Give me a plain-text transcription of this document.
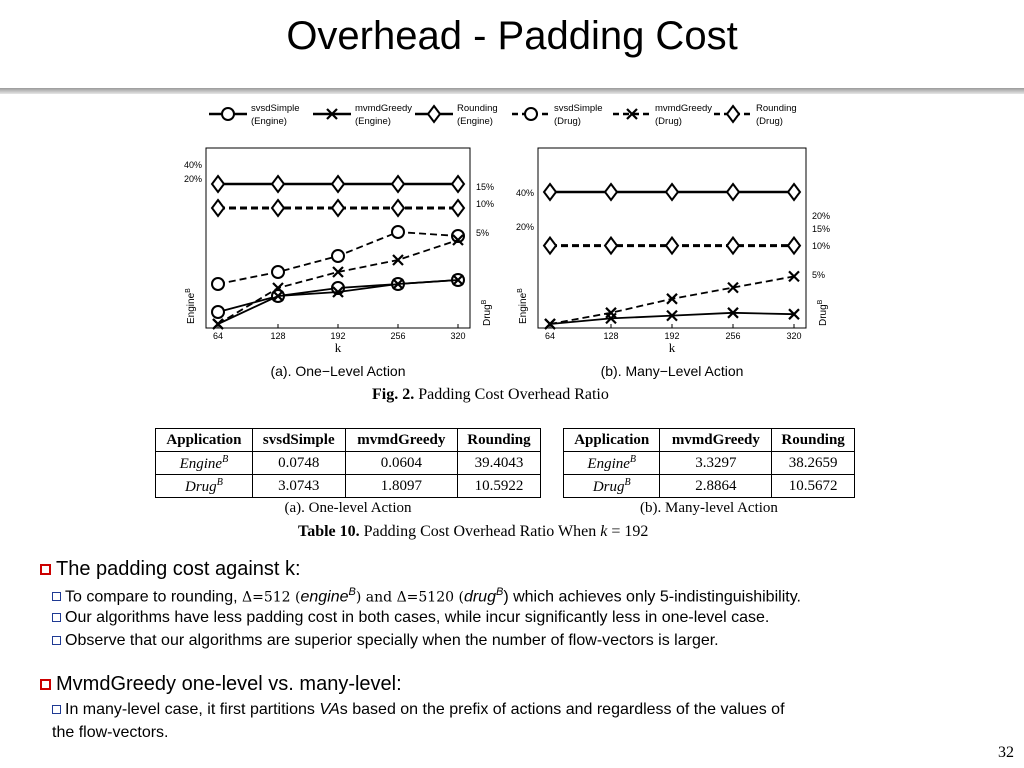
Overhead - Padding Cost
svsdSimple
(Engine)
mvmdGreedy
(Engine)
Rounding
(Engine)
svsdSimple
(Drug)
mvmdGreedy
(Drug)
Rounding
(Drug)
64	128	192	256	320
k
40%
20%
15%
10%
5%
Engine$^B$
Drug$^B$
(a). One−Level Action
64	128	192	256	320
k
40%
20%
20%
15%
10%
5%
Engine$^B$
Drug$^B$
(b). Many−Level Action
Fig. 2. Padding Cost Overhead Ratio
Application	svsdSimple	mvmdGreedy	Rounding
Engine$^B$	0.0748	0.0604	39.4043
Drug$^B$	3.0743	1.8097	10.5922
(a). One-level Action
Application	mvmdGreedy	Rounding
Engine$^B$	3.3297	38.2659
Drug$^B$	2.8864	10.5672
(b). Many-level Action
Table 10. Padding Cost Overhead Ratio When k = 192
The padding cost against k:
To compare to rounding, Δ=512 (engine$^B$) and Δ=5120 (drug$^B$) which achieves only 5-indistinguishibility.
Our algorithms have less padding cost in both cases, while incur significantly less in one-level case.
Observe that our algorithms are superior specially when the number of flow-vectors is larger.
MvmdGreedy one-level vs. many-level:
In many-level case, it first partitions VAs based on the prefix of actions and regardless of the values of
the flow-vectors.
32
